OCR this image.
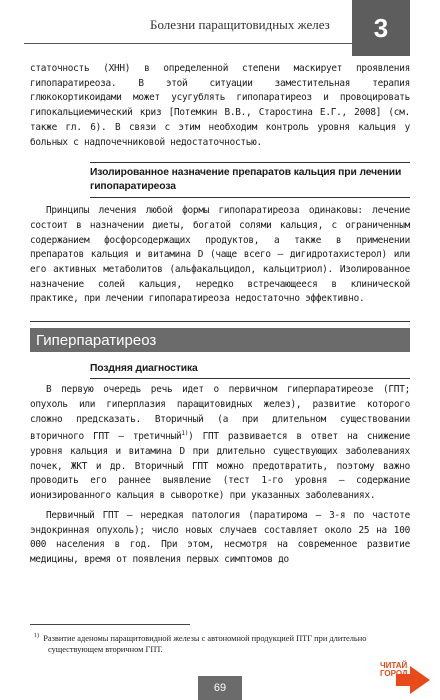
Болезни паращитовидных желез	3

статочность (ХНН) в определенной степени маскирует проявления гипопаратиреоза. В этой ситуации заместительная терапия глюкокортикоидами может усугублять гипопаратиреоз и провоцировать гипокальциемический криз [Потемкин В.В., Старостина Е.Г., 2008] (см. также гл. 6). В связи с этим необходим контроль уровня кальция у больных с надпочечниковой недостаточностью.

Изолированное назначение препаратов кальция при лечении гипопаратиреоза

Принципы лечения любой формы гипопаратиреоза одинаковы: лечение состоит в назначении диеты, богатой солями кальция, с ограниченным содержанием фосфорсодержащих продуктов, а также в применении препаратов кальция и витамина D (чаще всего — дигидротахистерол) или его активных метаболитов (альфакальцидол, кальцитриол). Изолированное назначение солей кальция, нередко встречающееся в клинической практике, при лечении гипопаратиреоза недостаточно эффективно.

Гиперпаратиреоз

Поздняя диагностика

В первую очередь речь идет о первичном гиперпаратиреозе (ГПТ; опухоль или гиперплазия паращитовидных желез), развитие которого сложно предсказать. Вторичный (а при длительном существовании вторичного ГПТ — третичный$^{1)}$) ГПТ развивается в ответ на снижение уровня кальция и витамина D при длительно существующих заболеваниях почек, ЖКТ и др. Вторичный ГПТ можно предотвратить, поэтому важно проводить его раннее выявление (тест 1-го уровня — содержание ионизированного кальция в сыворотке) при указанных заболеваниях.

Первичный ГПТ — нередкая патология (паратирома — 3-я по частоте эндокринная опухоль); число новых случаев составляет около 25 на 100 000 населения в год. При этом, несмотря на современное развитие медицины, время от появления первых симптомов до

$^{1)}$ Развитие аденомы паращитовидной железы с автономной продукцией ПТГ при длительно существующем вторичном ГПТ.

69
ЧИТАЙ ГОРОД
